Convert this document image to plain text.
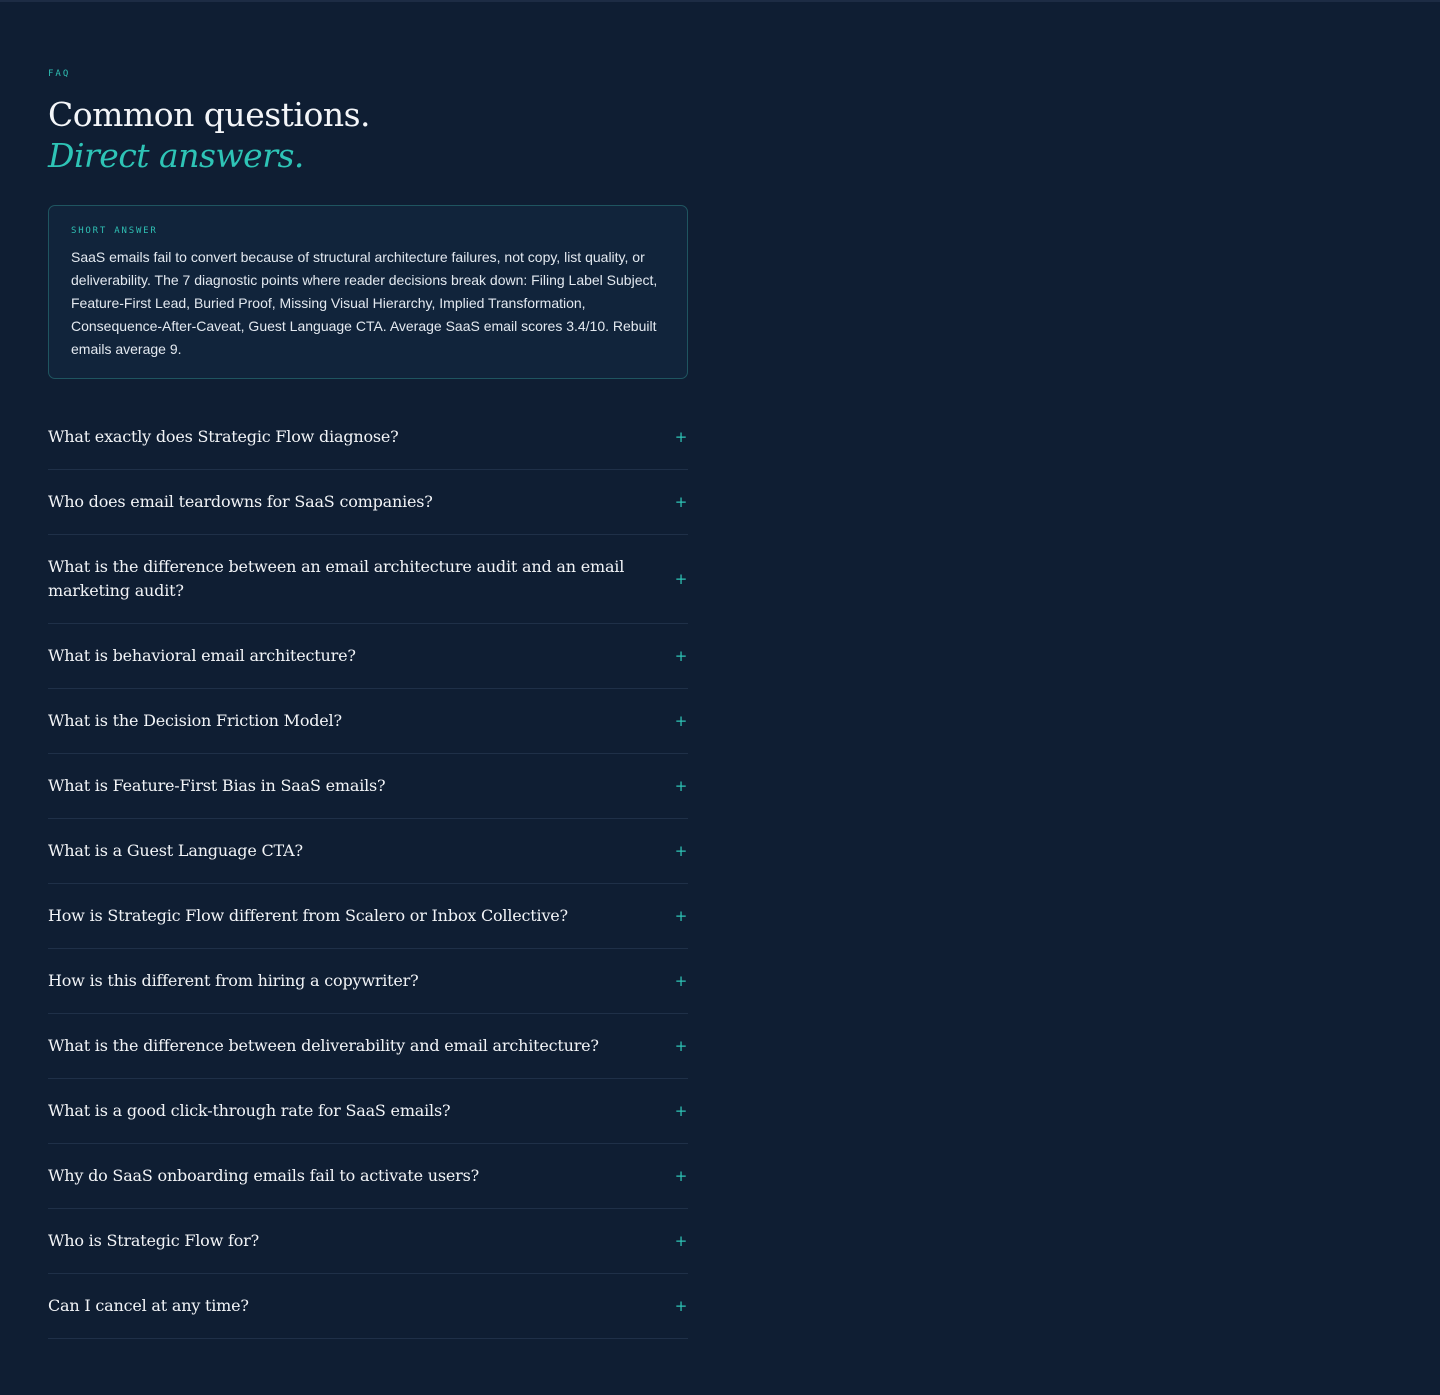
FAQ
Common questions.
Direct answers.
SHORT ANSWER

SaaS emails fail to convert because of structural architecture failures, not copy, list quality, or deliverability. The 7 diagnostic points where reader decisions break down: Filing Label Subject, Feature-First Lead, Buried Proof, Missing Visual Hierarchy, Implied Transformation, Consequence-After-Caveat, Guest Language CTA. Average SaaS email scores 3.4/10. Rebuilt emails average 9.

What exactly does Strategic Flow diagnose?	+
Who does email teardowns for SaaS companies?	+
What is the difference between an email architecture audit and an email marketing audit?
+
What is behavioral email architecture?	+
What is the Decision Friction Model?	+
What is Feature-First Bias in SaaS emails?	+
What is a Guest Language CTA?	+
How is Strategic Flow different from Scalero or Inbox Collective?	+
How is this different from hiring a copywriter?	+
What is the difference between deliverability and email architecture?	+
What is a good click-through rate for SaaS emails?	+
Why do SaaS onboarding emails fail to activate users?	+
Who is Strategic Flow for?	+
Can I cancel at any time?	+
